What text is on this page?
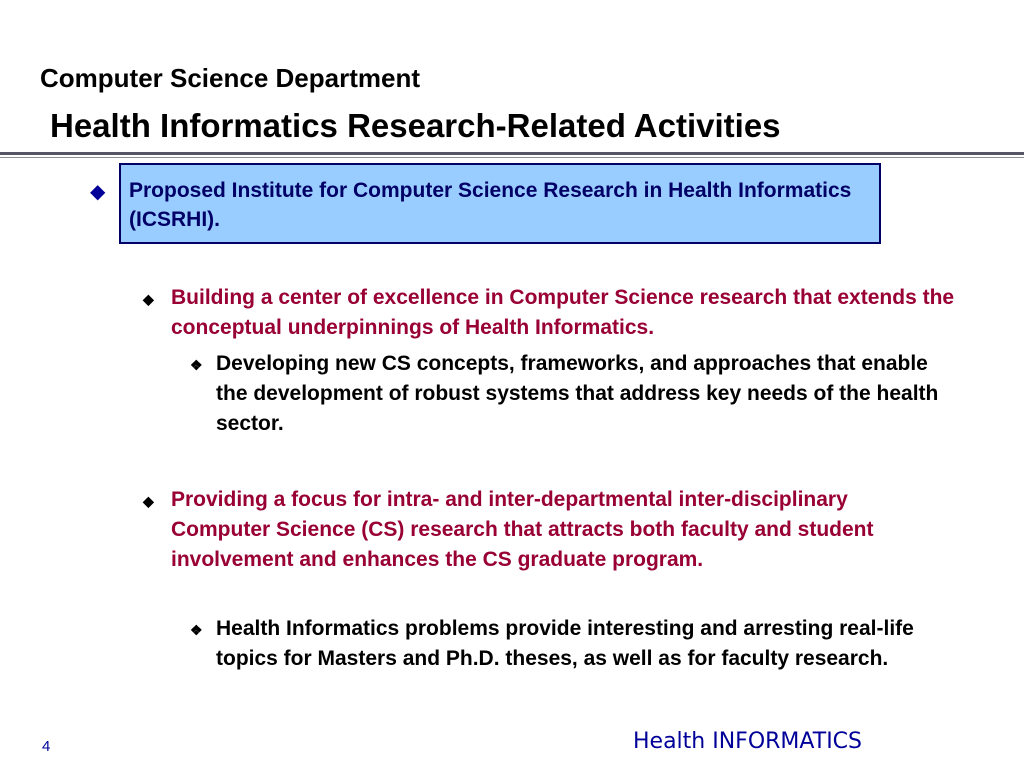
Computer Science Department
Health Informatics Research-Related Activities
◆	Proposed Institute for Computer Science Research in Health Informatics (ICSRHI).
◆ Building a center of excellence in Computer Science research that extends the conceptual underpinnings of Health Informatics.
❖ Developing new CS concepts, frameworks, and approaches that enable the development of robust systems that address key needs of the health sector.
◆ Providing a focus for intra- and inter-departmental inter-disciplinary Computer Science (CS) research that attracts both faculty and student involvement and enhances the CS graduate program.
❖ Health Informatics problems provide interesting and arresting real-life topics for Masters and Ph.D. theses, as well as for faculty research.
4	Health INFORMATICS
